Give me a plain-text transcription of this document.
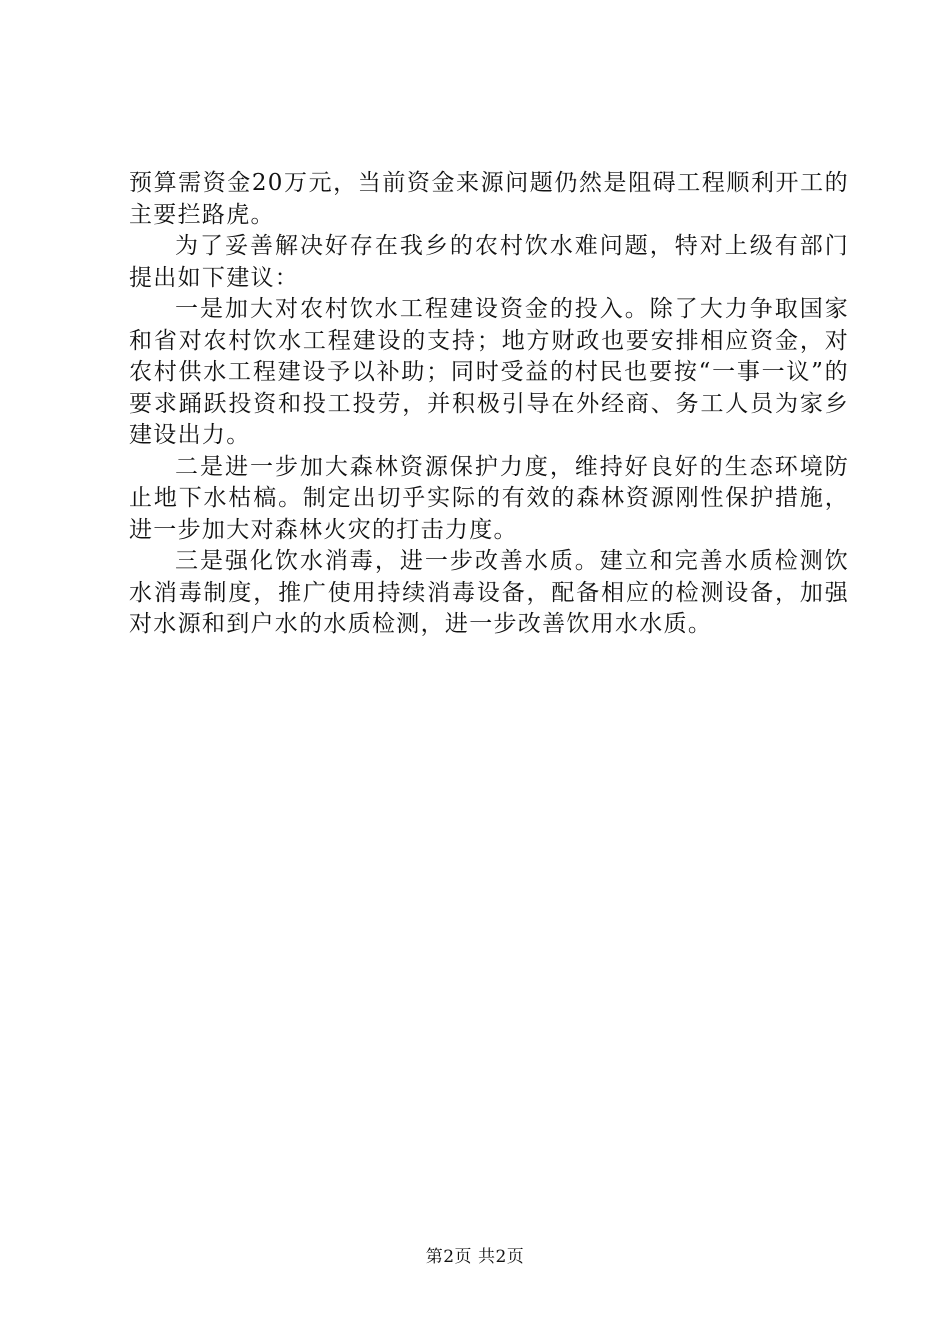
预算需资金20万元，当前资金来源问题仍然是阻碍工程顺利开工的主要拦路虎。

为了妥善解决好存在我乡的农村饮水难问题，特对上级有部门提出如下建议：

一是加大对农村饮水工程建设资金的投入。除了大力争取国家和省对农村饮水工程建设的支持；地方财政也要安排相应资金，对农村供水工程建设予以补助；同时受益的村民也要按“一事一议”的要求踊跃投资和投工投劳，并积极引导在外经商、务工人员为家乡建设出力。

二是进一步加大森林资源保护力度，维持好良好的生态环境防止地下水枯槁。制定出切乎实际的有效的森林资源刚性保护措施，进一步加大对森林火灾的打击力度。

三是强化饮水消毒，进一步改善水质。建立和完善水质检测饮水消毒制度，推广使用持续消毒设备，配备相应的检测设备，加强对水源和到户水的水质检测，进一步改善饮用水水质。

第2页 共2页
